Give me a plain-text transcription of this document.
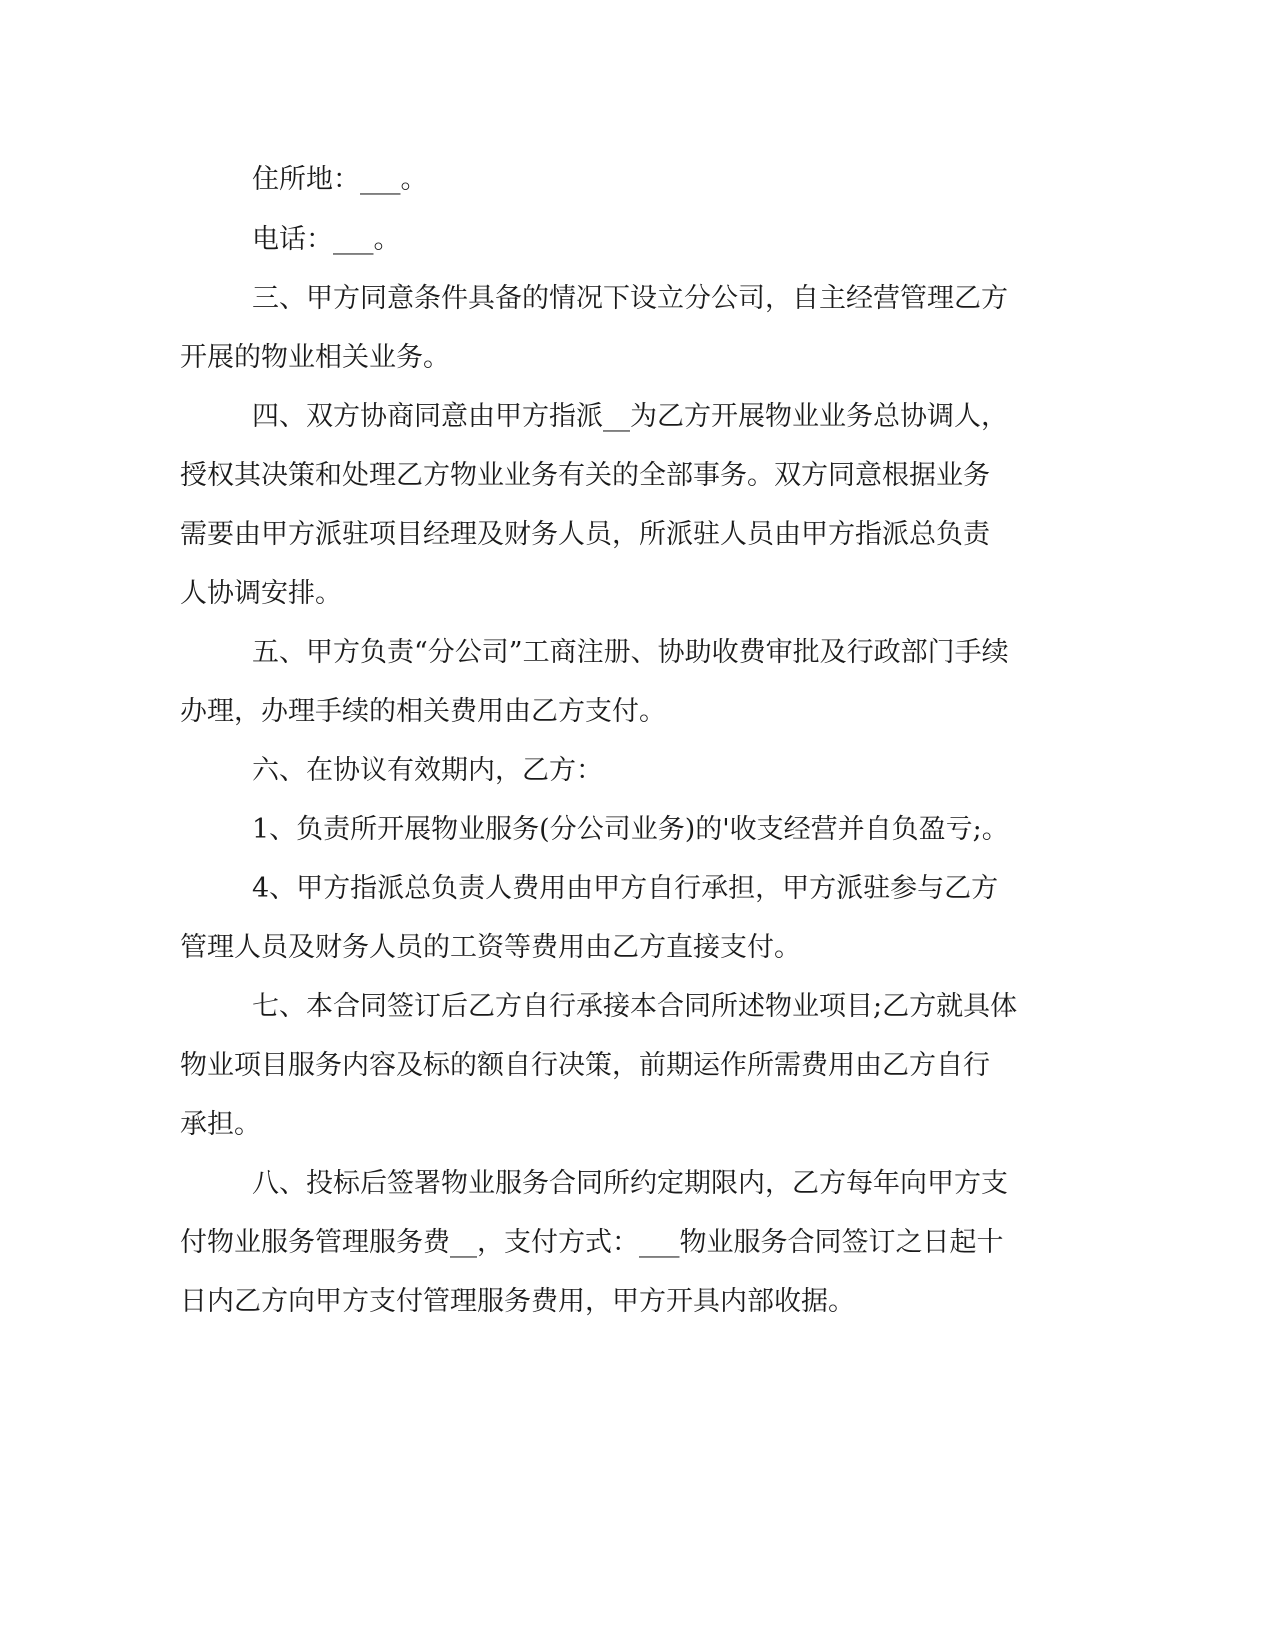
住所地：___。
电话：___。
三、甲方同意条件具备的情况下设立分公司，自主经营管理乙方
开展的物业相关业务。
四、双方协商同意由甲方指派__为乙方开展物业业务总协调人，
授权其决策和处理乙方物业业务有关的全部事务。双方同意根据业务
需要由甲方派驻项目经理及财务人员，所派驻人员由甲方指派总负责
人协调安排。
五、甲方负责“分公司”工商注册、协助收费审批及行政部门手续
办理，办理手续的相关费用由乙方支付。
六、在协议有效期内，乙方：
1、负责所开展物业服务(分公司业务)的'收支经营并自负盈亏;。
4、甲方指派总负责人费用由甲方自行承担，甲方派驻参与乙方
管理人员及财务人员的工资等费用由乙方直接支付。
七、本合同签订后乙方自行承接本合同所述物业项目;乙方就具体
物业项目服务内容及标的额自行决策，前期运作所需费用由乙方自行
承担。
八、投标后签署物业服务合同所约定期限内，乙方每年向甲方支
付物业服务管理服务费__，支付方式：___物业服务合同签订之日起十
日内乙方向甲方支付管理服务费用，甲方开具内部收据。
